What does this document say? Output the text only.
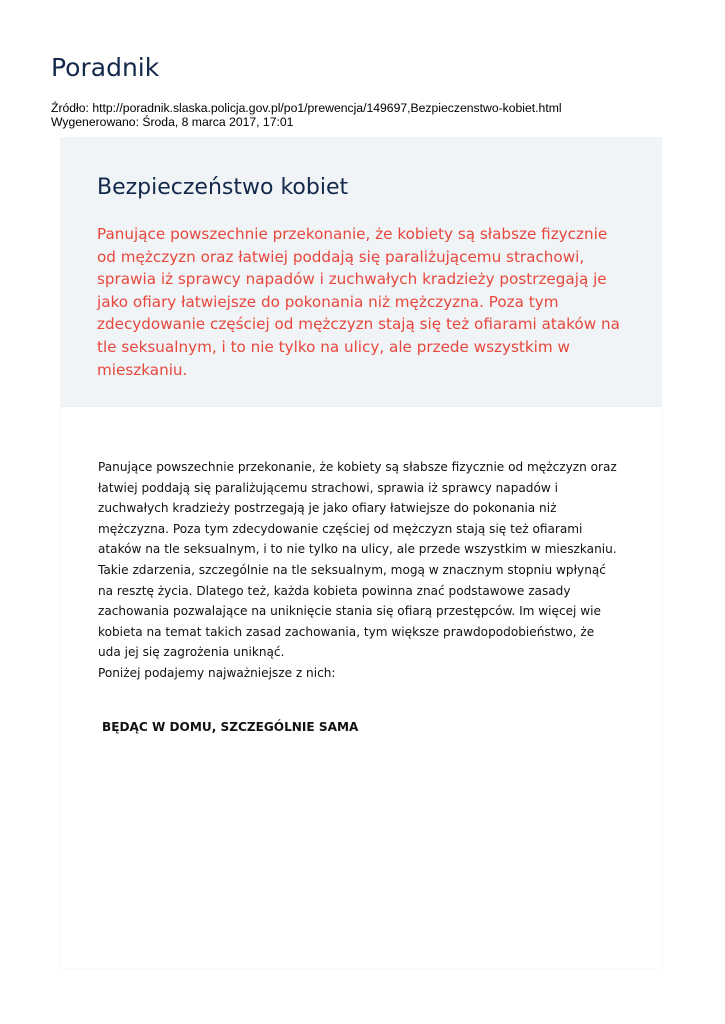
Poradnik
Źródło: http://poradnik.slaska.policja.gov.pl/po1/prewencja/149697,Bezpieczenstwo-kobiet.html
Wygenerowano: Środa, 8 marca 2017, 17:01
Bezpieczeństwo kobiet

Panujące powszechnie przekonanie, że kobiety są słabsze fizycznie od mężczyzn oraz łatwiej poddają się paraliżującemu strachowi, sprawia iż sprawcy napadów i zuchwałych kradzieży postrzegają je jako ofiary łatwiejsze do pokonania niż mężczyzna. Poza tym zdecydowanie częściej od mężczyzn stają się też ofiarami ataków na tle seksualnym, i to nie tylko na ulicy, ale przede wszystkim w mieszkaniu.

Panujące powszechnie przekonanie, że kobiety są słabsze fizycznie od mężczyzn oraz łatwiej poddają się paraliżującemu strachowi, sprawia iż sprawcy napadów i zuchwałych kradzieży postrzegają je jako ofiary łatwiejsze do pokonania niż mężczyzna. Poza tym zdecydowanie częściej od mężczyzn stają się też ofiarami ataków na tle seksualnym, i to nie tylko na ulicy, ale przede wszystkim w mieszkaniu.

Takie zdarzenia, szczególnie na tle seksualnym, mogą w znacznym stopniu wpłynąć na resztę życia. Dlatego też, każda kobieta powinna znać podstawowe zasady zachowania pozwalające na uniknięcie stania się ofiarą przestępców. Im więcej wie kobieta na temat takich zasad zachowania, tym większe prawdopodobieństwo, że uda jej się zagrożenia uniknąć.

Poniżej podajemy najważniejsze z nich:

BĘDĄC W DOMU, SZCZEGÓLNIE SAMA
